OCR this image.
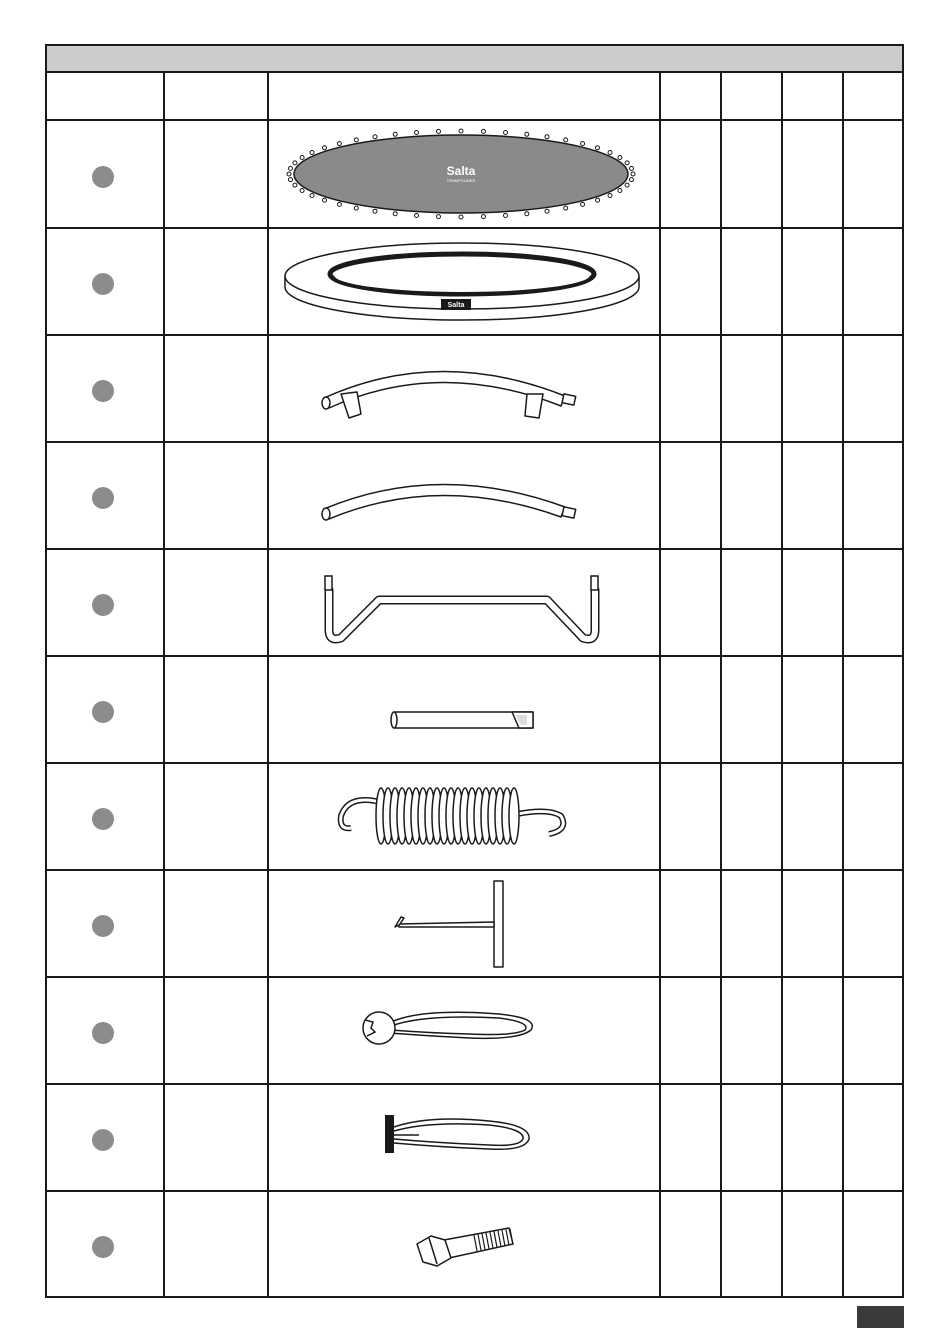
Salta
TRAMPOLINES
Salta
